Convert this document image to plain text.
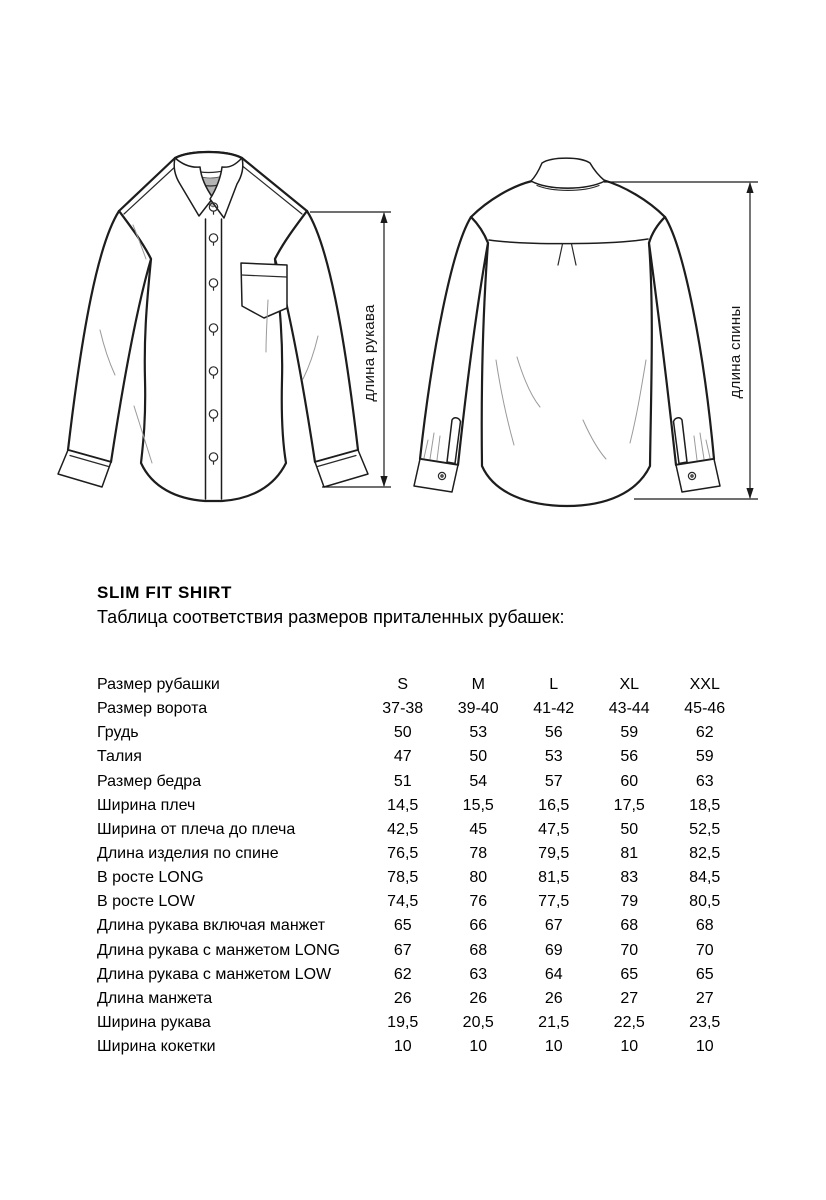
длина рукава	длина спины
SLIM FIT SHIRT

Таблица соответствия размеров приталенных рубашек:

Размер рубашки	S	M	L	XL	XXL
Размер ворота	37-38	39-40	41-42	43-44	45-46
Грудь	50	53	56	59	62
Талия	47	50	53	56	59
Размер бедра	51	54	57	60	63
Ширина плеч	14,5	15,5	16,5	17,5	18,5
Ширина от плеча до плеча	42,5	45	47,5	50	52,5
Длина изделия по спине	76,5	78	79,5	81	82,5
В росте LONG	78,5	80	81,5	83	84,5
В росте LOW	74,5	76	77,5	79	80,5
Длина рукава включая манжет	65	66	67	68	68
Длина рукава с манжетом LONG	67	68	69	70	70
Длина рукава с манжетом LOW	62	63	64	65	65
Длина манжета	26	26	26	27	27
Ширина рукава	19,5	20,5	21,5	22,5	23,5
Ширина кокетки	10	10	10	10	10
